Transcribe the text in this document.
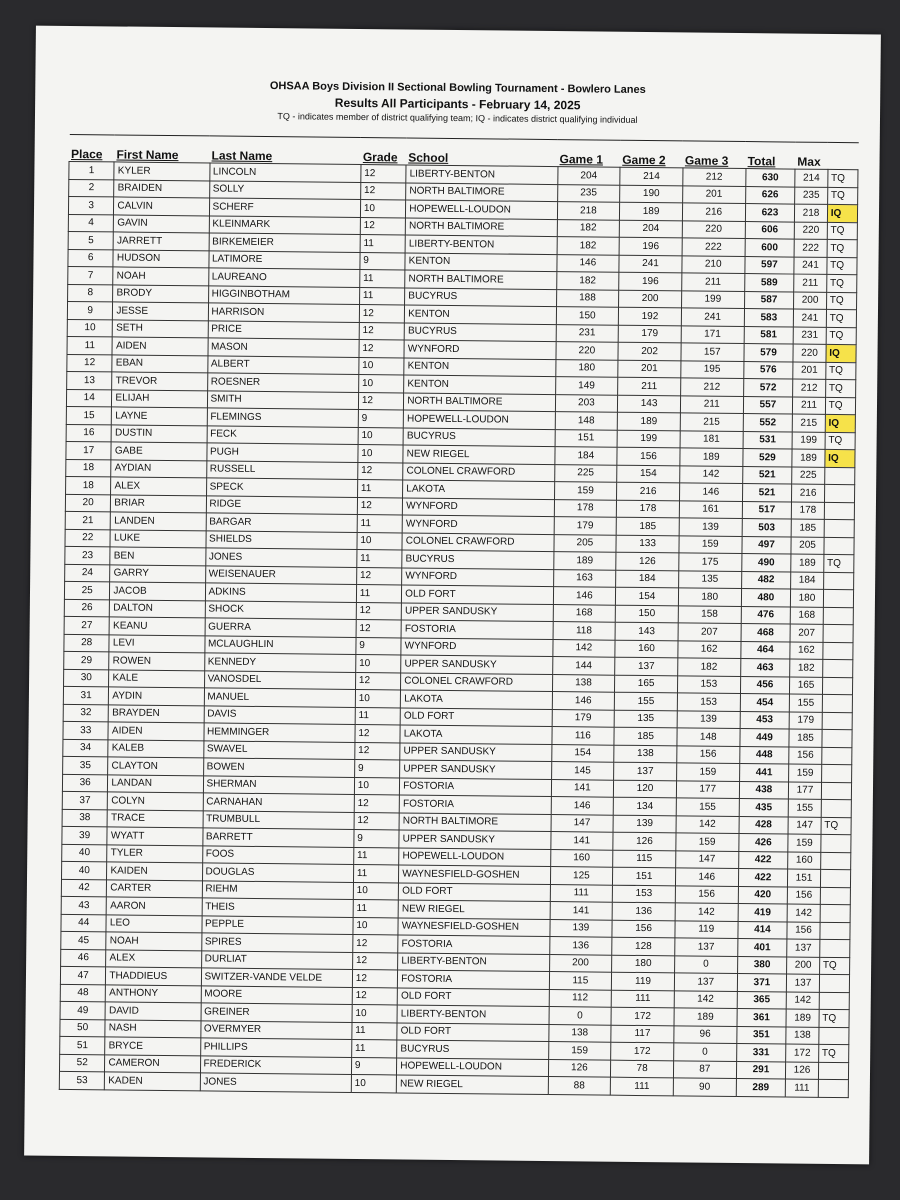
OHSAA Boys Division II Sectional Bowling Tournament - Bowlero Lanes
Results All Participants - February 14, 2025
TQ - indicates member of district qualifying team; IQ - indicates district qualifying individual
Place	First Name	Last Name	Grade	School	Game 1	Game 2	Game 3	Total	Max	
1	KYLER	LINCOLN	12	LIBERTY-BENTON	204	214	212	630	214	TQ
2	BRAIDEN	SOLLY	12	NORTH BALTIMORE	235	190	201	626	235	TQ
3	CALVIN	SCHERF	10	HOPEWELL-LOUDON	218	189	216	623	218	IQ
4	GAVIN	KLEINMARK	12	NORTH BALTIMORE	182	204	220	606	220	TQ
5	JARRETT	BIRKEMEIER	11	LIBERTY-BENTON	182	196	222	600	222	TQ
6	HUDSON	LATIMORE	9	KENTON	146	241	210	597	241	TQ
7	NOAH	LAUREANO	11	NORTH BALTIMORE	182	196	211	589	211	TQ
8	BRODY	HIGGINBOTHAM	11	BUCYRUS	188	200	199	587	200	TQ
9	JESSE	HARRISON	12	KENTON	150	192	241	583	241	TQ
10	SETH	PRICE	12	BUCYRUS	231	179	171	581	231	TQ
11	AIDEN	MASON	12	WYNFORD	220	202	157	579	220	IQ
12	EBAN	ALBERT	10	KENTON	180	201	195	576	201	TQ
13	TREVOR	ROESNER	10	KENTON	149	211	212	572	212	TQ
14	ELIJAH	SMITH	12	NORTH BALTIMORE	203	143	211	557	211	TQ
15	LAYNE	FLEMINGS	9	HOPEWELL-LOUDON	148	189	215	552	215	IQ
16	DUSTIN	FECK	10	BUCYRUS	151	199	181	531	199	TQ
17	GABE	PUGH	10	NEW RIEGEL	184	156	189	529	189	IQ
18	AYDIAN	RUSSELL	12	COLONEL CRAWFORD	225	154	142	521	225	
18	ALEX	SPECK	11	LAKOTA	159	216	146	521	216	
20	BRIAR	RIDGE	12	WYNFORD	178	178	161	517	178	
21	LANDEN	BARGAR	11	WYNFORD	179	185	139	503	185	
22	LUKE	SHIELDS	10	COLONEL CRAWFORD	205	133	159	497	205	
23	BEN	JONES	11	BUCYRUS	189	126	175	490	189	TQ
24	GARRY	WEISENAUER	12	WYNFORD	163	184	135	482	184	
25	JACOB	ADKINS	11	OLD FORT	146	154	180	480	180	
26	DALTON	SHOCK	12	UPPER SANDUSKY	168	150	158	476	168	
27	KEANU	GUERRA	12	FOSTORIA	118	143	207	468	207	
28	LEVI	MCLAUGHLIN	9	WYNFORD	142	160	162	464	162	
29	ROWEN	KENNEDY	10	UPPER SANDUSKY	144	137	182	463	182	
30	KALE	VANOSDEL	12	COLONEL CRAWFORD	138	165	153	456	165	
31	AYDIN	MANUEL	10	LAKOTA	146	155	153	454	155	
32	BRAYDEN	DAVIS	11	OLD FORT	179	135	139	453	179	
33	AIDEN	HEMMINGER	12	LAKOTA	116	185	148	449	185	
34	KALEB	SWAVEL	12	UPPER SANDUSKY	154	138	156	448	156	
35	CLAYTON	BOWEN	9	UPPER SANDUSKY	145	137	159	441	159	
36	LANDAN	SHERMAN	10	FOSTORIA	141	120	177	438	177	
37	COLYN	CARNAHAN	12	FOSTORIA	146	134	155	435	155	
38	TRACE	TRUMBULL	12	NORTH BALTIMORE	147	139	142	428	147	TQ
39	WYATT	BARRETT	9	UPPER SANDUSKY	141	126	159	426	159	
40	TYLER	FOOS	11	HOPEWELL-LOUDON	160	115	147	422	160	
40	KAIDEN	DOUGLAS	11	WAYNESFIELD-GOSHEN	125	151	146	422	151	
42	CARTER	RIEHM	10	OLD FORT	111	153	156	420	156	
43	AARON	THEIS	11	NEW RIEGEL	141	136	142	419	142	
44	LEO	PEPPLE	10	WAYNESFIELD-GOSHEN	139	156	119	414	156	
45	NOAH	SPIRES	12	FOSTORIA	136	128	137	401	137	
46	ALEX	DURLIAT	12	LIBERTY-BENTON	200	180	0	380	200	TQ
47	THADDIEUS	SWITZER-VANDE VELDE	12	FOSTORIA	115	119	137	371	137	
48	ANTHONY	MOORE	12	OLD FORT	112	111	142	365	142	
49	DAVID	GREINER	10	LIBERTY-BENTON	0	172	189	361	189	TQ
50	NASH	OVERMYER	11	OLD FORT	138	117	96	351	138	
51	BRYCE	PHILLIPS	11	BUCYRUS	159	172	0	331	172	TQ
52	CAMERON	FREDERICK	9	HOPEWELL-LOUDON	126	78	87	291	126	
53	KADEN	JONES	10	NEW RIEGEL	88	111	90	289	111	
